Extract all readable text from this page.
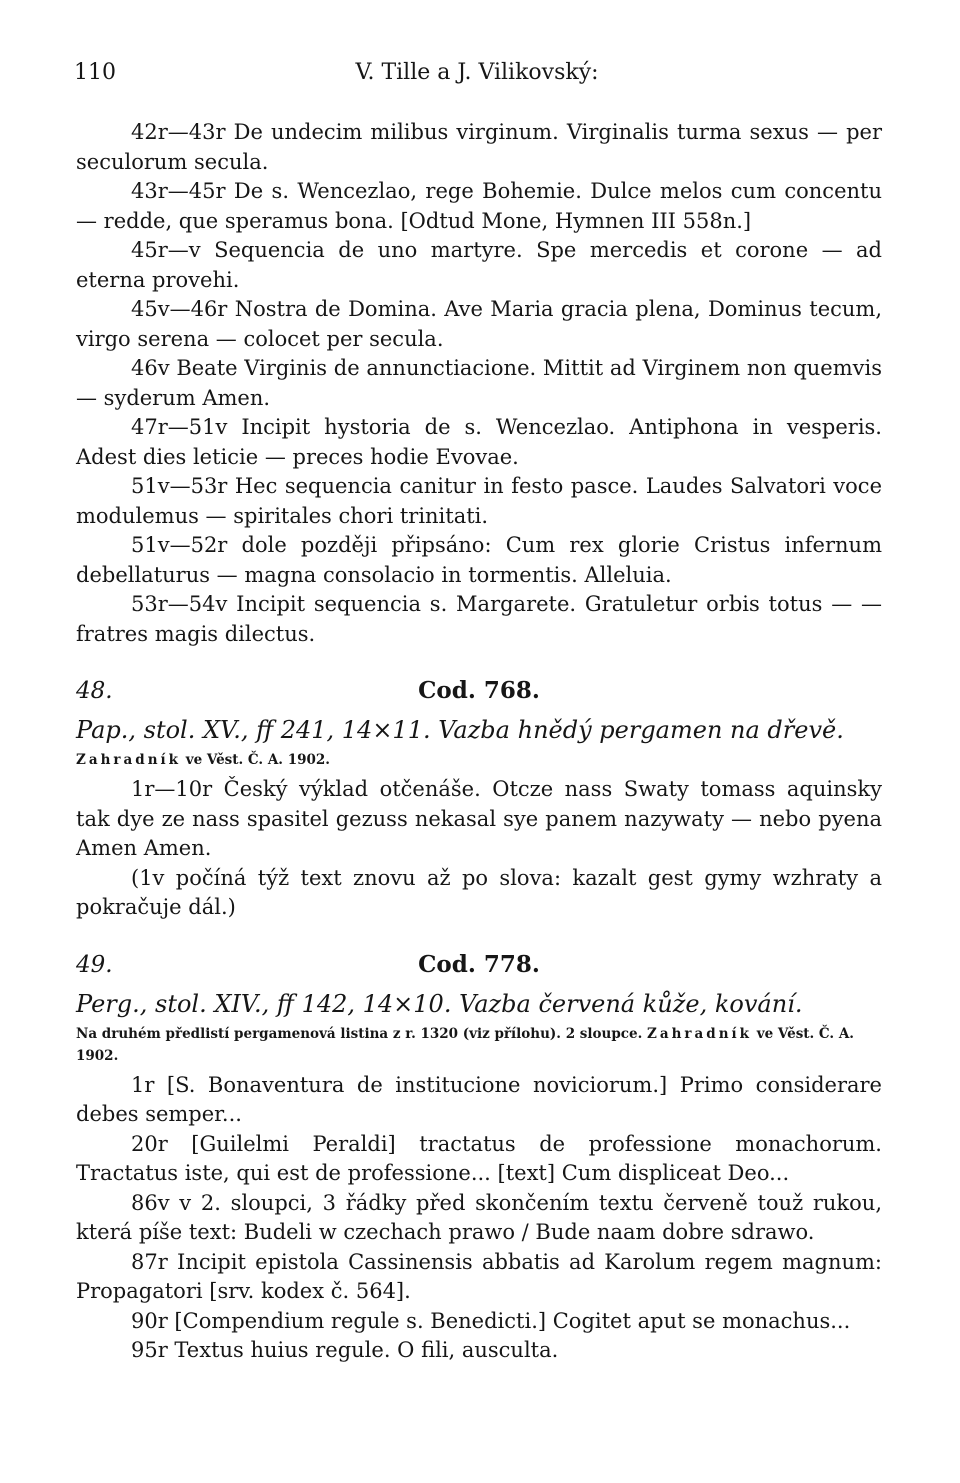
110	V. Tille a J. Vilikovský:

42r—43r De undecim milibus virginum. Virginalis turma sexus — per seculorum secula.

43r—45r De s. Wencezlao, rege Bohemie. Dulce melos cum concentu — redde, que speramus bona. [Odtud Mone, Hymnen III 558n.]

45r—v Sequencia de uno martyre. Spe mercedis et corone — ad eterna provehi.

45v—46r Nostra de Domina. Ave Maria gracia plena, Dominus tecum, virgo serena — colocet per secula.

46v Beate Virginis de annunctiacione. Mittit ad Virginem non quemvis — syderum Amen.

47r—51v Incipit hystoria de s. Wencezlao. Antiphona in vesperis. Adest dies leticie — preces hodie Evovae.

51v—53r Hec sequencia canitur in festo pasce. Laudes Salvatori voce modulemus — spiritales chori trinitati.

51v—52r dole později připsáno: Cum rex glorie Cristus infernum debellaturus — magna consolacio in tormentis. Alleluia.

53r—54v Incipit sequencia s. Margarete. Gratuletur orbis totus — — fratres magis dilectus.

48.	Cod. 768.
Pap., stol. XV., ff 241, 14×11. Vazba hnědý pergamen na dřevě.
Zahradník ve Věst. Č. A. 1902.

1r—10r Český výklad otčenáše. Otcze nass Swaty tomass aquinsky tak dye ze nass spasitel gezuss nekasal sye panem nazywaty — nebo pyena Amen Amen.

(1v počíná týž text znovu až po slova: kazalt gest gymy wzhraty a pokračuje dál.)

49.	Cod. 778.
Perg., stol. XIV., ff 142, 14×10. Vazba červená kůže, kování.
Na druhém předlistí pergamenová listina z r. 1320 (viz přílohu). 2 sloupce. Zahradník ve Věst. Č. A. 1902.

1r [S. Bonaventura de institucione noviciorum.] Primo considerare debes semper...

20r [Guilelmi Peraldi] tractatus de professione monachorum. Tractatus iste, qui est de professione... [text] Cum displiceat Deo...

86v v 2. sloupci, 3 řádky před skončením textu červeně touž rukou, která píše text: Budeli w czechach prawo / Bude naam dobre sdrawo.

87r Incipit epistola Cassinensis abbatis ad Karolum regem magnum: Propagatori [srv. kodex č. 564].

90r [Compendium regule s. Benedicti.] Cogitet aput se monachus...

95r Textus huius regule. O fili, ausculta.
